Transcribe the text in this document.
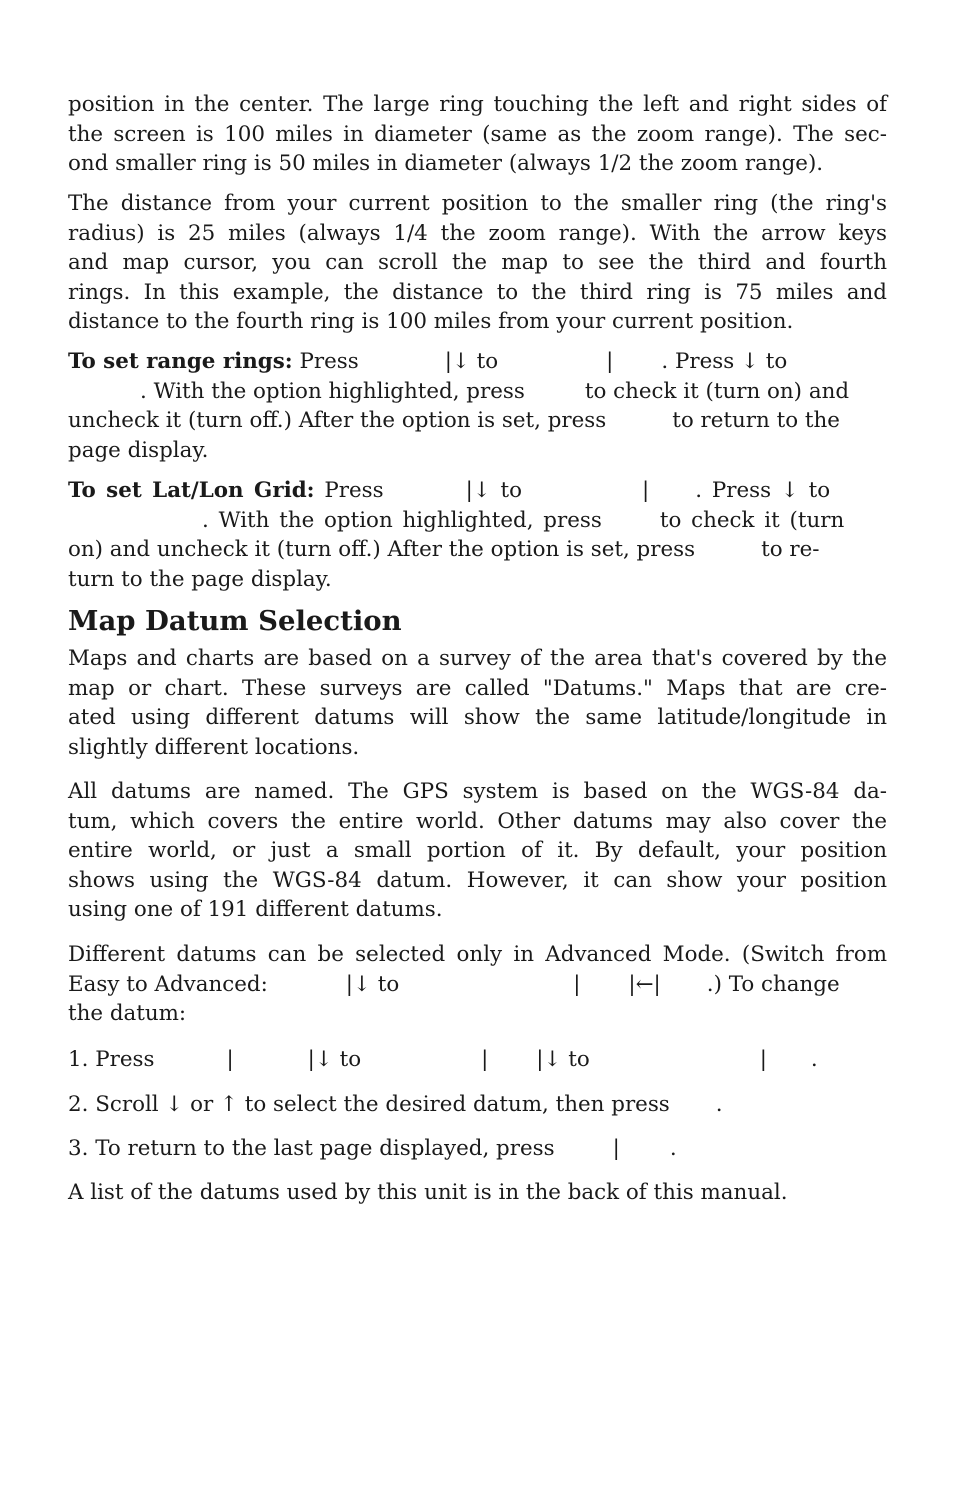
position in the center. The large ring touching the left and right sides of
the screen is 100 miles in diameter (same as the zoom range). The sec-
ond smaller ring is 50 miles in diameter (always 1/2 the zoom range).
The distance from your current position to the smaller ring (the ring's
radius) is 25 miles (always 1/4 the zoom range). With the arrow keys
and map cursor, you can scroll the map to see the third and fourth
rings. In this example, the distance to the third ring is 75 miles and
distance to the fourth ring is 100 miles from your current position.
To set range rings: Press	|↓ to	| . Press ↓ to
. With the option highlighted, press	to check it (turn on) and
uncheck it (turn off.) After the option is set, press	to return to the
page display.
To set Lat/Lon Grid: Press	|↓ to	| . Press ↓ to
. With the option highlighted, press	to check it (turn
on) and uncheck it (turn off.) After the option is set, press	to re-
turn to the page display.
Map Datum Selection
Maps and charts are based on a survey of the area that's covered by the
map or chart. These surveys are called "Datums." Maps that are cre-
ated using different datums will show the same latitude/longitude in
slightly different locations.
All datums are named. The GPS system is based on the WGS-84 da-
tum, which covers the entire world. Other datums may also cover the
entire world, or just a small portion of it. By default, your position
shows using the WGS-84 datum. However, it can show your position
using one of 191 different datums.
Different datums can be selected only in Advanced Mode. (Switch from
Easy to Advanced:	|↓ to	| |←| .) To change
the datum:
1. Press	|	|↓ to	| |↓ to	| .
2. Scroll ↓ or ↑ to select the desired datum, then press .
3. To return to the last page displayed, press	| .
A list of the datums used by this unit is in the back of this manual.
